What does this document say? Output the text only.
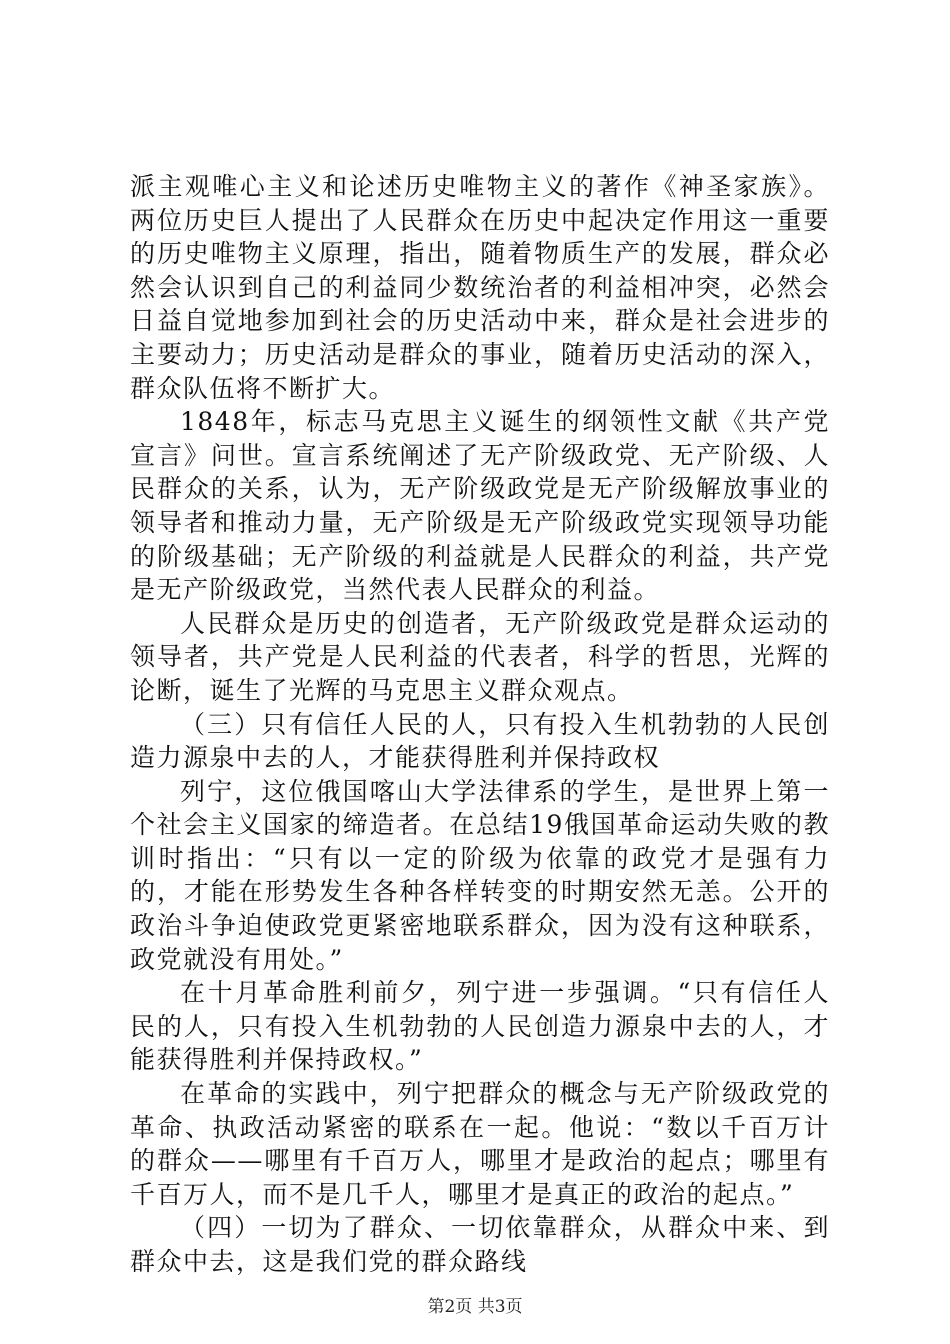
派主观唯心主义和论述历史唯物主义的著作《神圣家族》。两位历史巨人提出了人民群众在历史中起决定作用这一重要的历史唯物主义原理，指出，随着物质生产的发展，群众必然会认识到自己的利益同少数统治者的利益相冲突，必然会日益自觉地参加到社会的历史活动中来，群众是社会进步的主要动力；历史活动是群众的事业，随着历史活动的深入，群众队伍将不断扩大。

1848年，标志马克思主义诞生的纲领性文献《共产党宣言》问世。宣言系统阐述了无产阶级政党、无产阶级、人民群众的关系，认为，无产阶级政党是无产阶级解放事业的领导者和推动力量，无产阶级是无产阶级政党实现领导功能的阶级基础；无产阶级的利益就是人民群众的利益，共产党是无产阶级政党，当然代表人民群众的利益。

人民群众是历史的创造者，无产阶级政党是群众运动的领导者，共产党是人民利益的代表者，科学的哲思，光辉的论断，诞生了光辉的马克思主义群众观点。

（三）只有信任人民的人，只有投入生机勃勃的人民创造力源泉中去的人，才能获得胜利并保持政权

列宁，这位俄国喀山大学法律系的学生，是世界上第一个社会主义国家的缔造者。在总结19俄国革命运动失败的教训时指出：“只有以一定的阶级为依靠的政党才是强有力的，才能在形势发生各种各样转变的时期安然无恙。公开的政治斗争迫使政党更紧密地联系群众，因为没有这种联系，政党就没有用处。”

在十月革命胜利前夕，列宁进一步强调。“只有信任人民的人，只有投入生机勃勃的人民创造力源泉中去的人，才能获得胜利并保持政权。”

在革命的实践中，列宁把群众的概念与无产阶级政党的革命、执政活动紧密的联系在一起。他说：“数以千百万计的群众——哪里有千百万人，哪里才是政治的起点；哪里有千百万人，而不是几千人，哪里才是真正的政治的起点。”

（四）一切为了群众、一切依靠群众，从群众中来、到群众中去，这是我们党的群众路线

第2页 共3页
